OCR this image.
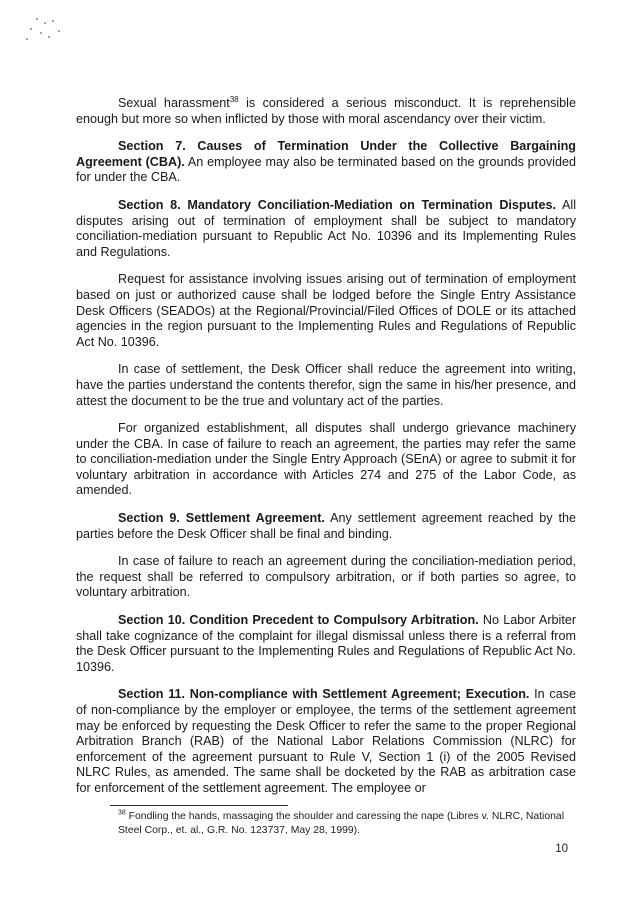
Sexual harassment$^{38}$ is considered a serious misconduct. It is reprehensible enough but more so when inflicted by those with moral ascendancy over their victim.

Section 7. Causes of Termination Under the Collective Bargaining Agreement (CBA). An employee may also be terminated based on the grounds provided for under the CBA.

Section 8. Mandatory Conciliation-Mediation on Termination Disputes. All disputes arising out of termination of employment shall be subject to mandatory conciliation-mediation pursuant to Republic Act No. 10396 and its Implementing Rules and Regulations.

Request for assistance involving issues arising out of termination of employment based on just or authorized cause shall be lodged before the Single Entry Assistance Desk Officers (SEADOs) at the Regional/Provincial/Filed Offices of DOLE or its attached agencies in the region pursuant to the Implementing Rules and Regulations of Republic Act No. 10396.

In case of settlement, the Desk Officer shall reduce the agreement into writing, have the parties understand the contents therefor, sign the same in his/her presence, and attest the document to be the true and voluntary act of the parties.

For organized establishment, all disputes shall undergo grievance machinery under the CBA. In case of failure to reach an agreement, the parties may refer the same to conciliation-mediation under the Single Entry Approach (SEnA) or agree to submit it for voluntary arbitration in accordance with Articles 274 and 275 of the Labor Code, as amended.

Section 9. Settlement Agreement. Any settlement agreement reached by the parties before the Desk Officer shall be final and binding.

In case of failure to reach an agreement during the conciliation-mediation period, the request shall be referred to compulsory arbitration, or if both parties so agree, to voluntary arbitration.

Section 10. Condition Precedent to Compulsory Arbitration. No Labor Arbiter shall take cognizance of the complaint for illegal dismissal unless there is a referral from the Desk Officer pursuant to the Implementing Rules and Regulations of Republic Act No. 10396.

Section 11. Non-compliance with Settlement Agreement; Execution. In case of non-compliance by the employer or employee, the terms of the settlement agreement may be enforced by requesting the Desk Officer to refer the same to the proper Regional Arbitration Branch (RAB) of the National Labor Relations Commission (NLRC) for enforcement of the agreement pursuant to Rule V, Section 1 (i) of the 2005 Revised NLRC Rules, as amended. The same shall be docketed by the RAB as arbitration case for enforcement of the settlement agreement. The employee or

$^{38}$ Fondling the hands, massaging the shoulder and caressing the nape (Libres v. NLRC, National Steel Corp., et. al., G.R. No. 123737, May 28, 1999).
10
